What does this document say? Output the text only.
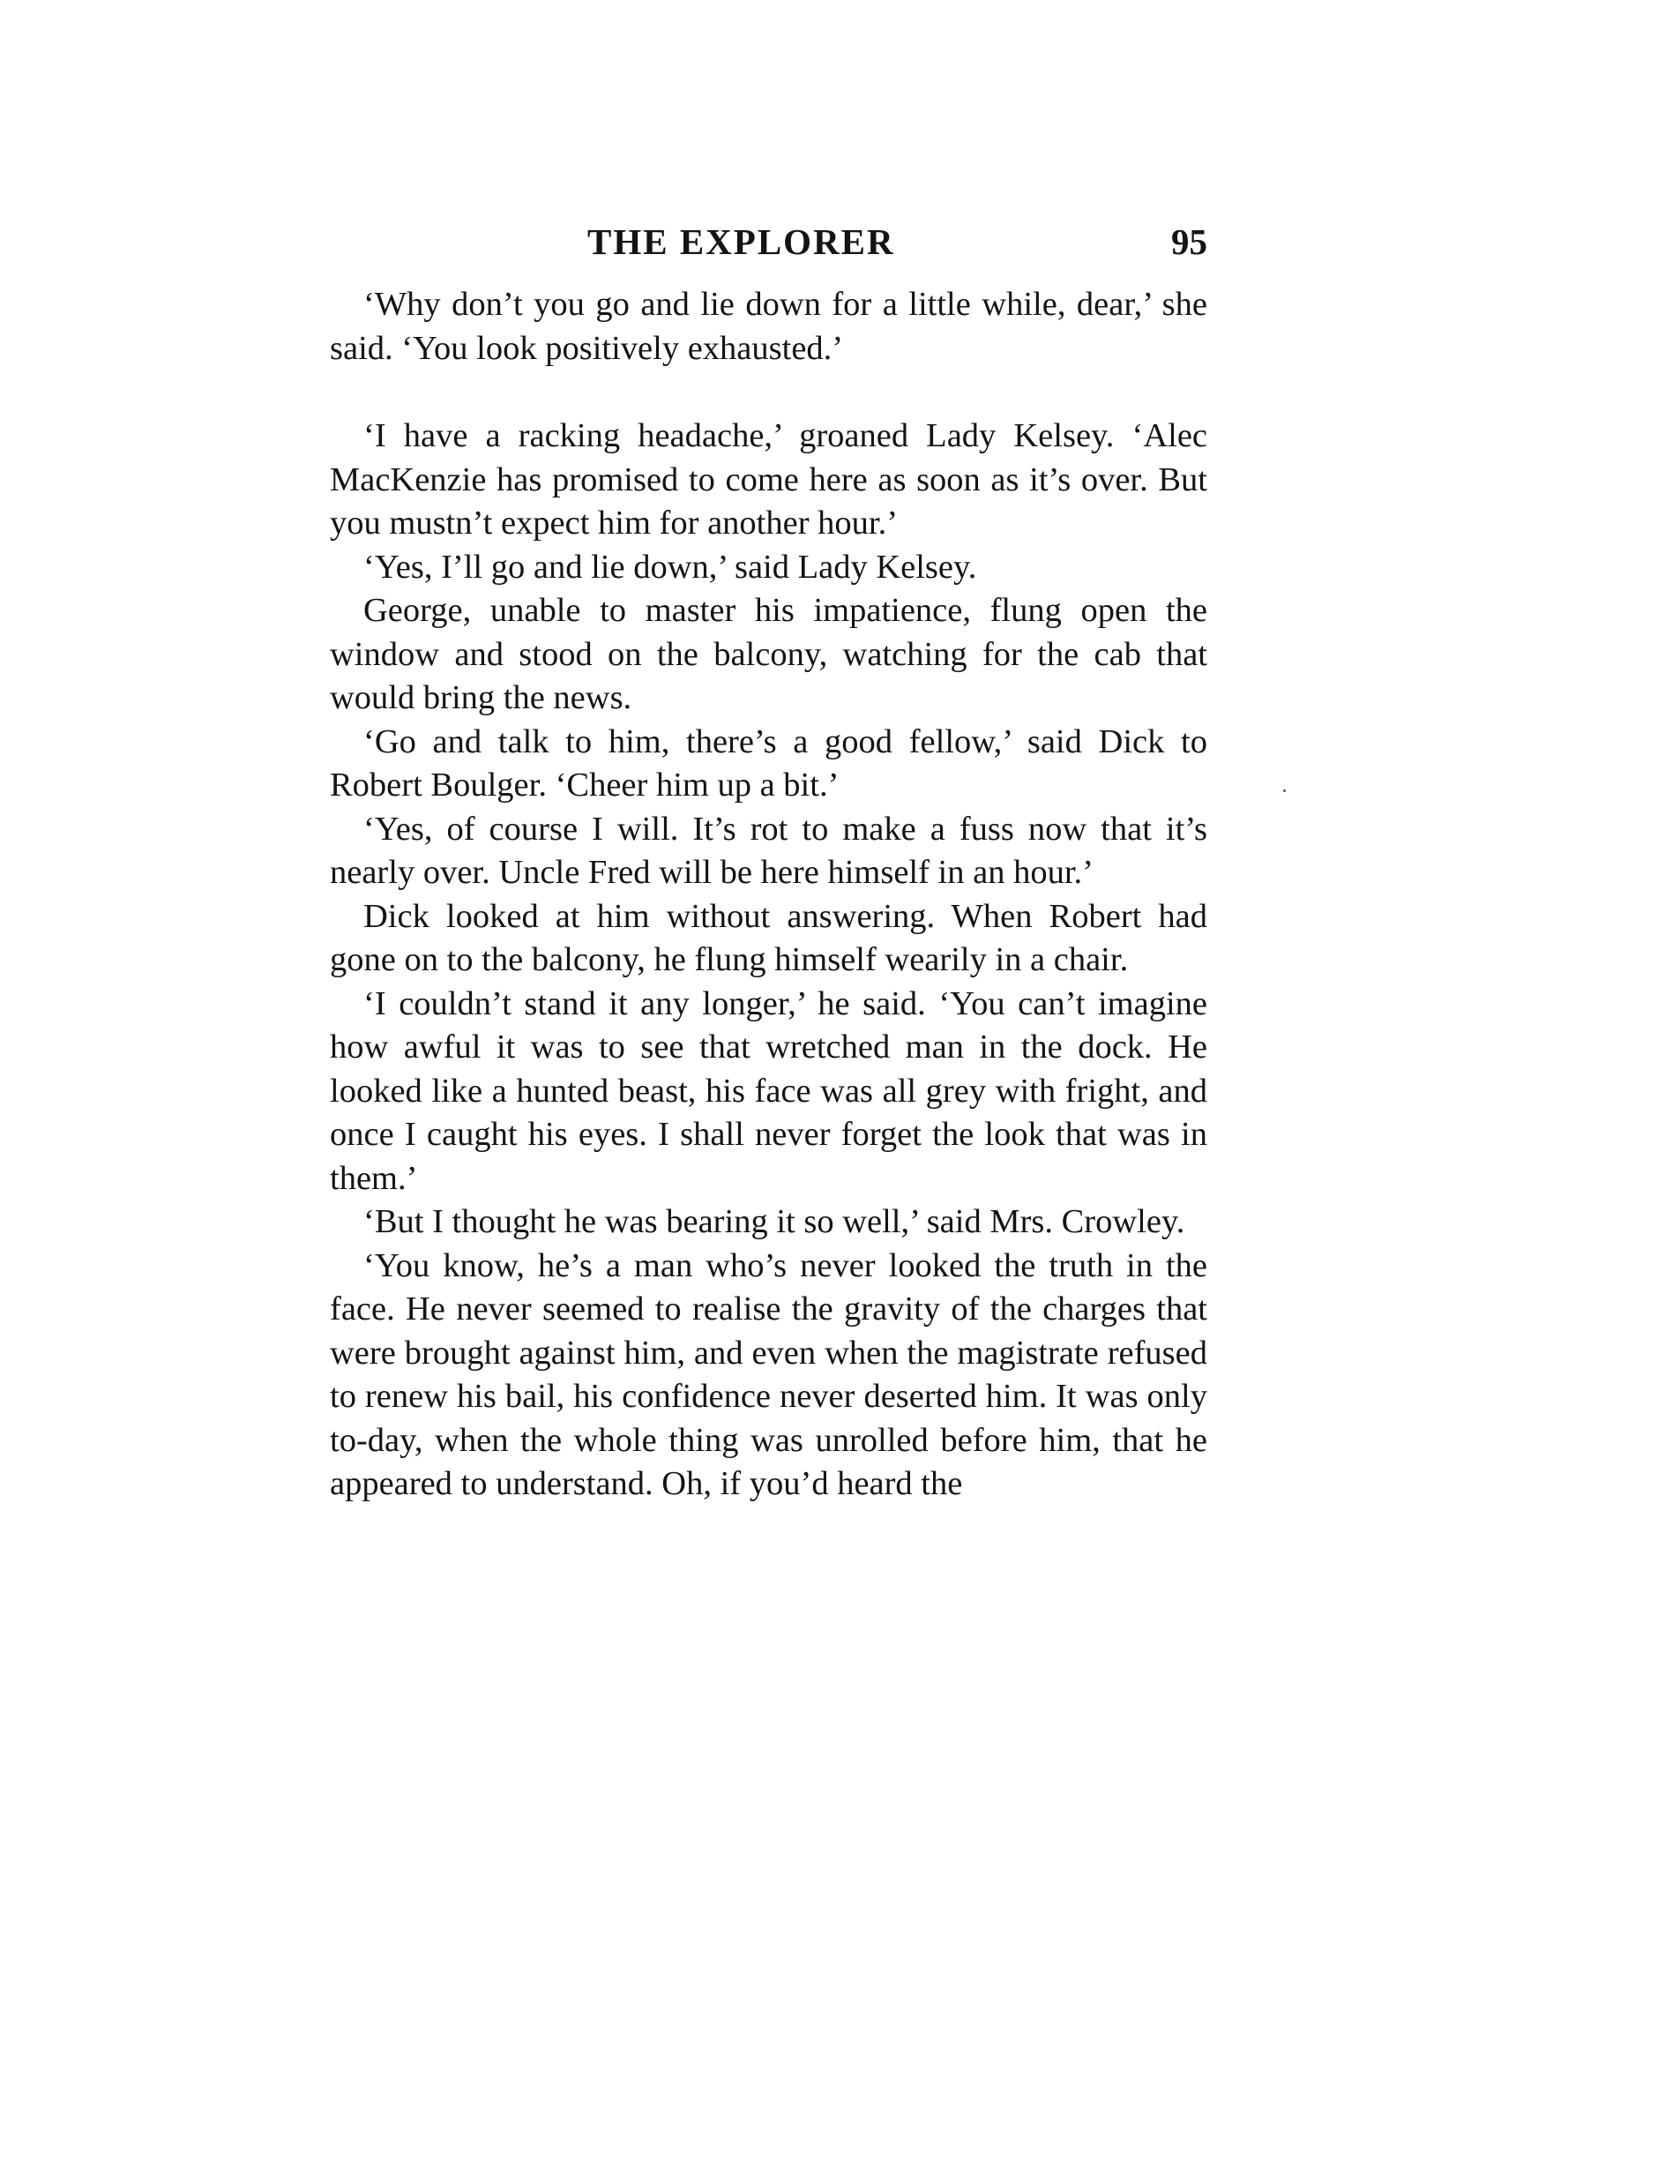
THE EXPLORER	95

‘Why don’t you go and lie down for a little while, dear,’ she said. ‘You look positively exhausted.’

‘I have a racking headache,’ groaned Lady Kelsey. ‘Alec MacKenzie has promised to come here as soon as it’s over. But you mustn’t expect him for another hour.’

‘Yes, I’ll go and lie down,’ said Lady Kelsey.

George, unable to master his impatience, flung open the window and stood on the balcony, watching for the cab that would bring the news.

‘Go and talk to him, there’s a good fellow,’ said Dick to Robert Boulger. ‘Cheer him up a bit.’

‘Yes, of course I will. It’s rot to make a fuss now that it’s nearly over. Uncle Fred will be here himself in an hour.’

Dick looked at him without answering. When Robert had gone on to the balcony, he flung himself wearily in a chair.

‘I couldn’t stand it any longer,’ he said. ‘You can’t imagine how awful it was to see that wretched man in the dock. He looked like a hunted beast, his face was all grey with fright, and once I caught his eyes. I shall never forget the look that was in them.’

‘But I thought he was bearing it so well,’ said Mrs. Crowley.

‘You know, he’s a man who’s never looked the truth in the face. He never seemed to realise the gravity of the charges that were brought against him, and even when the magistrate refused to renew his bail, his confidence never deserted him. It was only to-day, when the whole thing was unrolled before him, that he appeared to understand. Oh, if you’d heard the
